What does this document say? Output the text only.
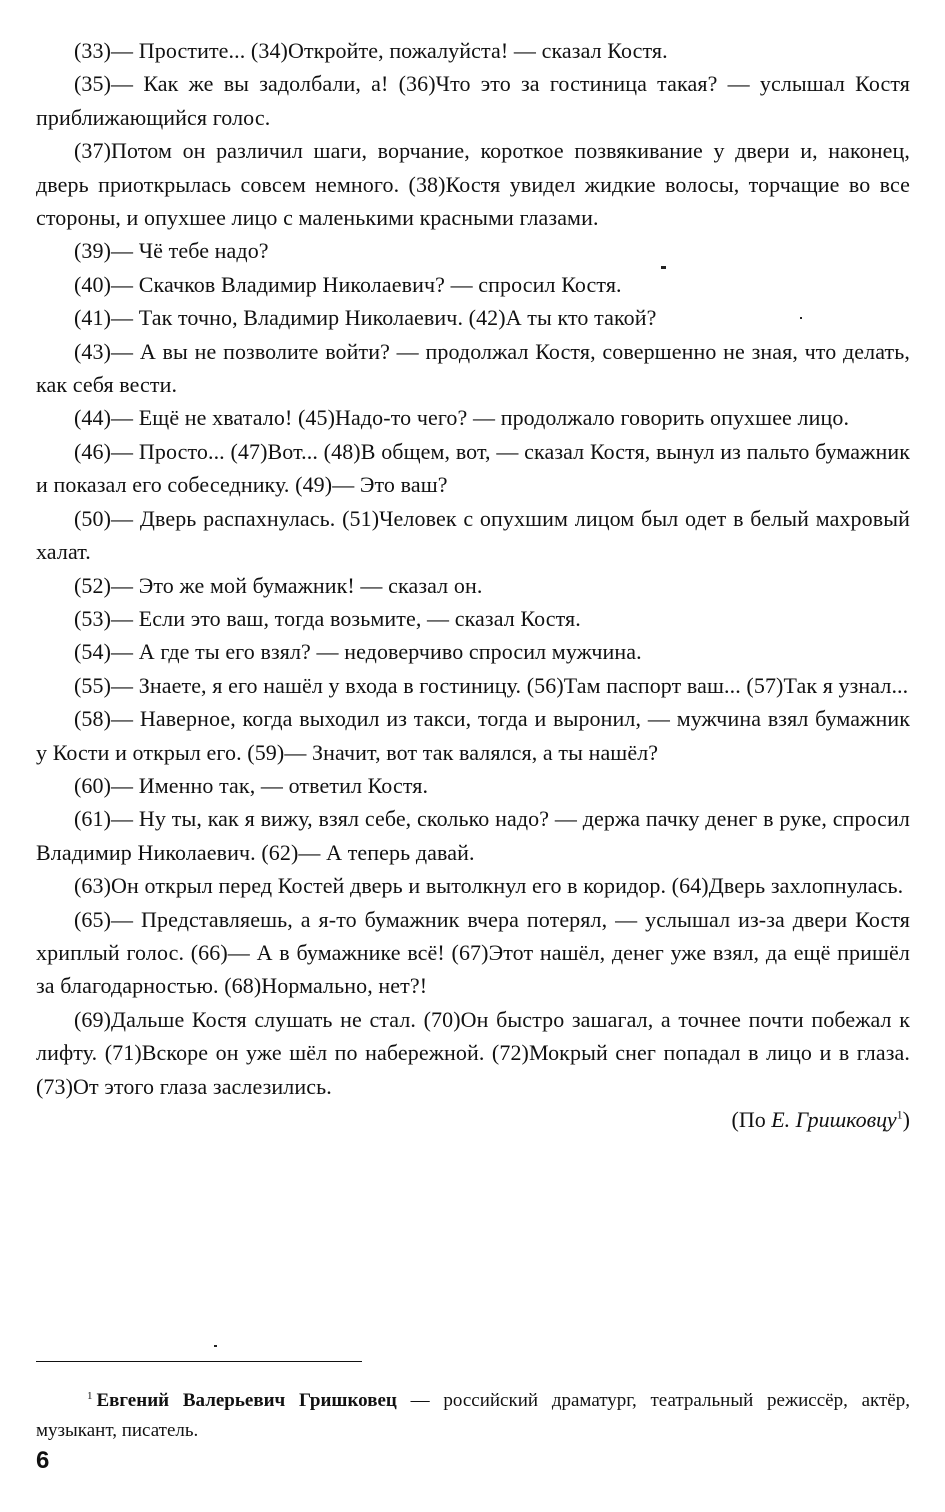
(33)— Простите... (34)Откройте, пожалуйста! — сказал Костя.

(35)— Как же вы задолбали, а! (36)Что это за гостиница такая? — услышал Костя приближающийся голос.

(37)Потом он различил шаги, ворчание, короткое позвякивание у двери и, наконец, дверь приоткрылась совсем немного. (38)Костя увидел жидкие волосы, торчащие во все стороны, и опухшее лицо с маленькими красными глазами.

(39)— Чё тебе надо?

(40)— Скачков Владимир Николаевич? — спросил Костя.

(41)— Так точно, Владимир Николаевич. (42)А ты кто такой?

(43)— А вы не позволите войти? — продолжал Костя, совершенно не зная, что делать, как себя вести.

(44)— Ещё не хватало! (45)Надо-то чего? — продолжало говорить опухшее лицо.

(46)— Просто... (47)Вот... (48)В общем, вот, — сказал Костя, вынул из пальто бумажник и показал его собеседнику. (49)— Это ваш?

(50)— Дверь распахнулась. (51)Человек с опухшим лицом был одет в белый махровый халат.

(52)— Это же мой бумажник! — сказал он.

(53)— Если это ваш, тогда возьмите, — сказал Костя.

(54)— А где ты его взял? — недоверчиво спросил мужчина.

(55)— Знаете, я его нашёл у входа в гостиницу. (56)Там паспорт ваш... (57)Так я узнал...

(58)— Наверное, когда выходил из такси, тогда и выронил, — мужчина взял бумажник у Кости и открыл его. (59)— Значит, вот так валялся, а ты нашёл?

(60)— Именно так, — ответил Костя.

(61)— Ну ты, как я вижу, взял себе, сколько надо? — держа пачку денег в руке, спросил Владимир Николаевич. (62)— А теперь давай.

(63)Он открыл перед Костей дверь и вытолкнул его в коридор. (64)Дверь захлопнулась.

(65)— Представляешь, а я-то бумажник вчера потерял, — услышал из-за двери Костя хриплый голос. (66)— А в бумажнике всё! (67)Этот нашёл, денег уже взял, да ещё пришёл за благодарностью. (68)Нормально, нет?!

(69)Дальше Костя слушать не стал. (70)Он быстро зашагал, а точнее почти побежал к лифту. (71)Вскоре он уже шёл по набережной. (72)Мокрый снег попадал в лицо и в глаза. (73)От этого глаза заслезились.

(По Е. Гришковцу$^1$)

$^1$ Евгений Валерьевич Гришковец — российский драматург, театральный режиссёр, актёр, музыкант, писатель.

6
